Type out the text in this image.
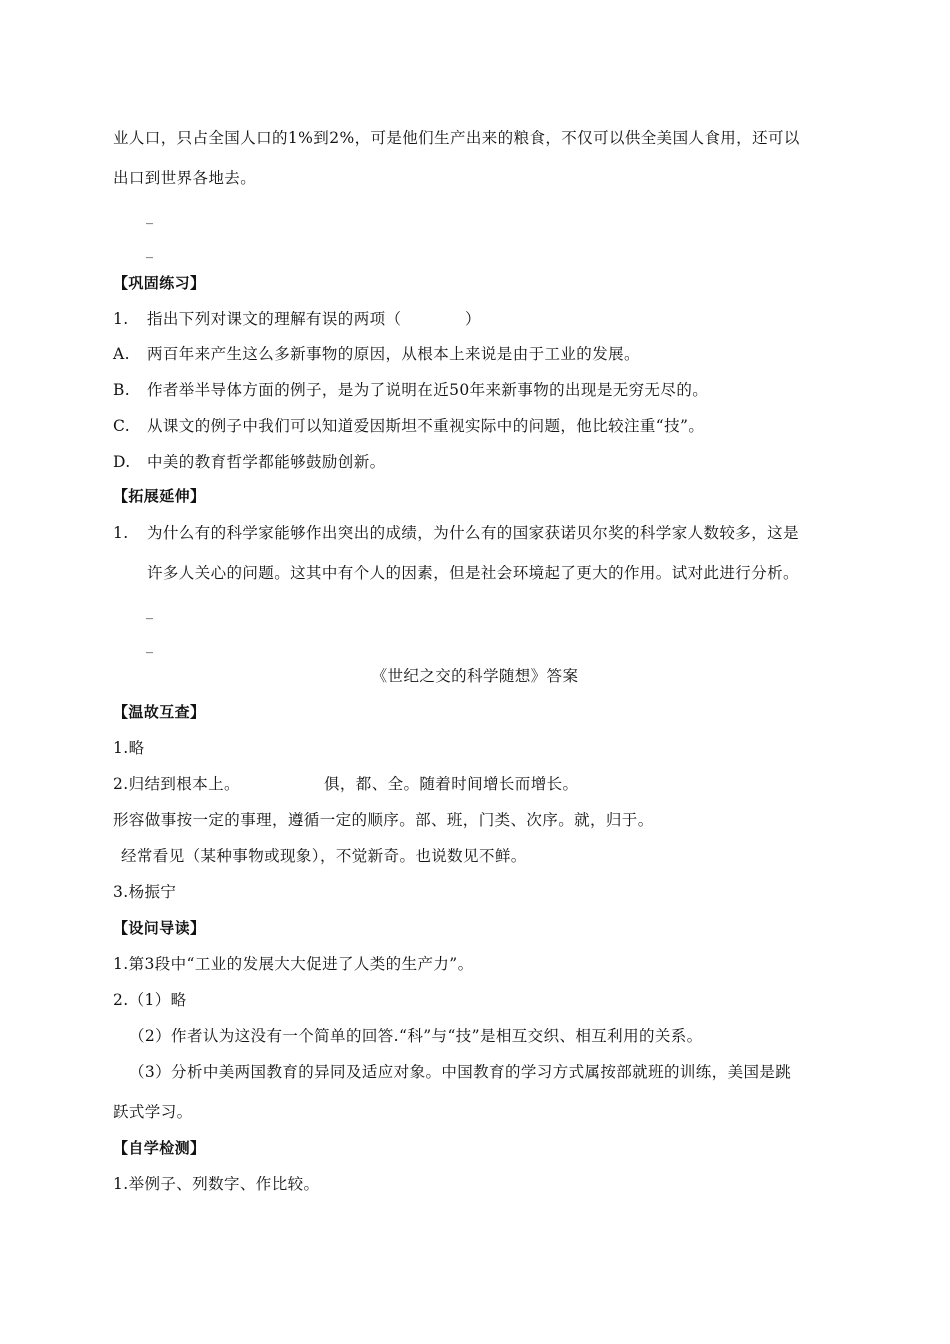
业人口，只占全国人口的1%到2%，可是他们生产出来的粮食，不仅可以供全美国人食用，还可以
出口到世界各地去。
_
_
【巩固练习】
1. 指出下列对课文的理解有误的两项（　　　　）
A. 两百年来产生这么多新事物的原因，从根本上来说是由于工业的发展。
B. 作者举半导体方面的例子，是为了说明在近50年来新事物的出现是无穷无尽的。
C. 从课文的例子中我们可以知道爱因斯坦不重视实际中的问题，他比较注重“技”。
D. 中美的教育哲学都能够鼓励创新。
【拓展延伸】
1. 为什么有的科学家能够作出突出的成绩，为什么有的国家获诺贝尔奖的科学家人数较多，这是
许多人关心的问题。这其中有个人的因素，但是社会环境起了更大的作用。试对此进行分析。
_
_
《世纪之交的科学随想》答案
【温故互查】
1.略
2.归结到根本上。	俱，都、全。随着时间增长而增长。
形容做事按一定的事理，遵循一定的顺序。部、班，门类、次序。就，归于。
经常看见（某种事物或现象），不觉新奇。也说数见不鲜。
3.杨振宁
【设问导读】
1.第3段中“工业的发展大大促进了人类的生产力”。
2.（1）略
（2）作者认为这没有一个简单的回答.“科”与“技”是相互交织、相互利用的关系。
（3）分析中美两国教育的异同及适应对象。中国教育的学习方式属按部就班的训练，美国是跳
跃式学习。
【自学检测】
1.举例子、列数字、作比较。
